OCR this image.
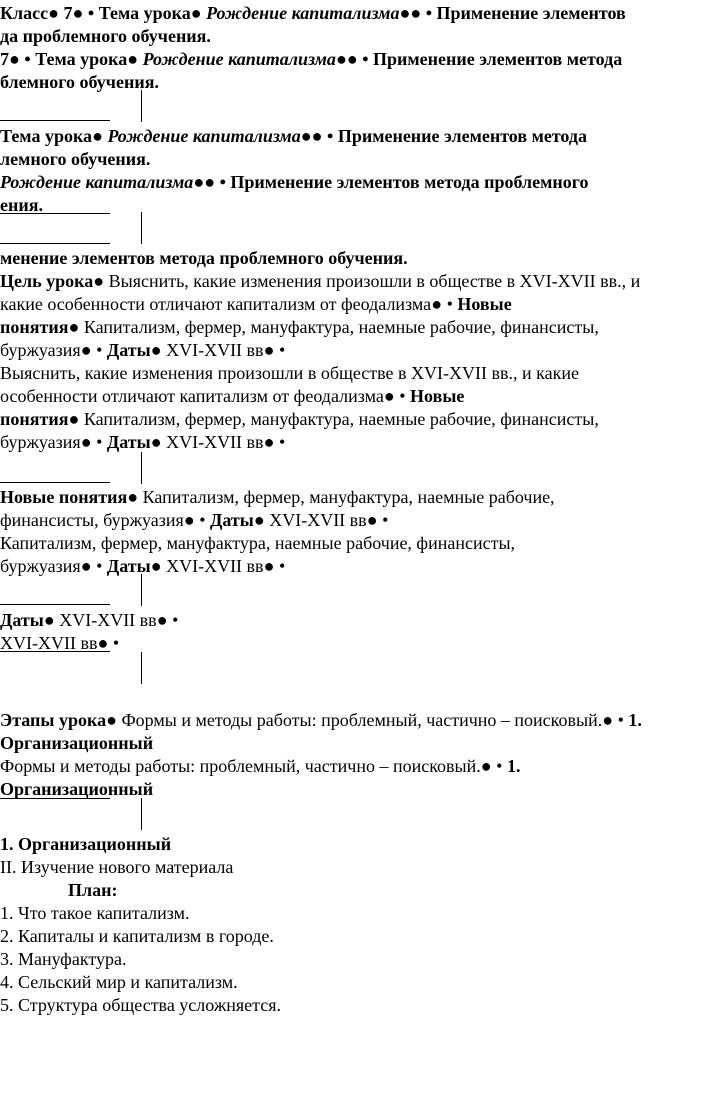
Класс● 7● • Тема урока● Рождение капитализма●● • Применение элементов
да проблемного обучения.
7● • Тема урока● Рождение капитализма●● • Применение элементов метода
блемного обучения.
Тема урока● Рождение капитализма●● • Применение элементов метода
лемного обучения.
Рождение капитализма●● • Применение элементов метода проблемного
ения.
менение элементов метода проблемного обучения.
Цель урока● Выяснить, какие изменения произошли в обществе в XVI-XVII вв., и
какие особенности отличают капитализм от феодализма● • Новые
понятия● Капитализм, фермер, мануфактура, наемные рабочие, финансисты,
буржуазия● • Даты● XVI-XVII вв● •
Выяснить, какие изменения произошли в обществе в XVI-XVII вв., и какие
особенности отличают капитализм от феодализма● • Новые
понятия● Капитализм, фермер, мануфактура, наемные рабочие, финансисты,
буржуазия● • Даты● XVI-XVII вв● •
Новые понятия● Капитализм, фермер, мануфактура, наемные рабочие,
финансисты, буржуазия● • Даты● XVI-XVII вв● •
Капитализм, фермер, мануфактура, наемные рабочие, финансисты,
буржуазия● • Даты● XVI-XVII вв● •
Даты● XVI-XVII вв● •
XVI-XVII вв● •
Этапы урока● Формы и методы работы: проблемный, частично – поисковый.● • 1.
Организационный
Формы и методы работы: проблемный, частично – поисковый.● • 1.
Организационный
1. Организационный
II. Изучение нового материала
План:
1. Что такое капитализм.
2. Капиталы и капитализм в городе.
3. Мануфактура.
4. Сельский мир и капитализм.
5. Структура общества усложняется.
